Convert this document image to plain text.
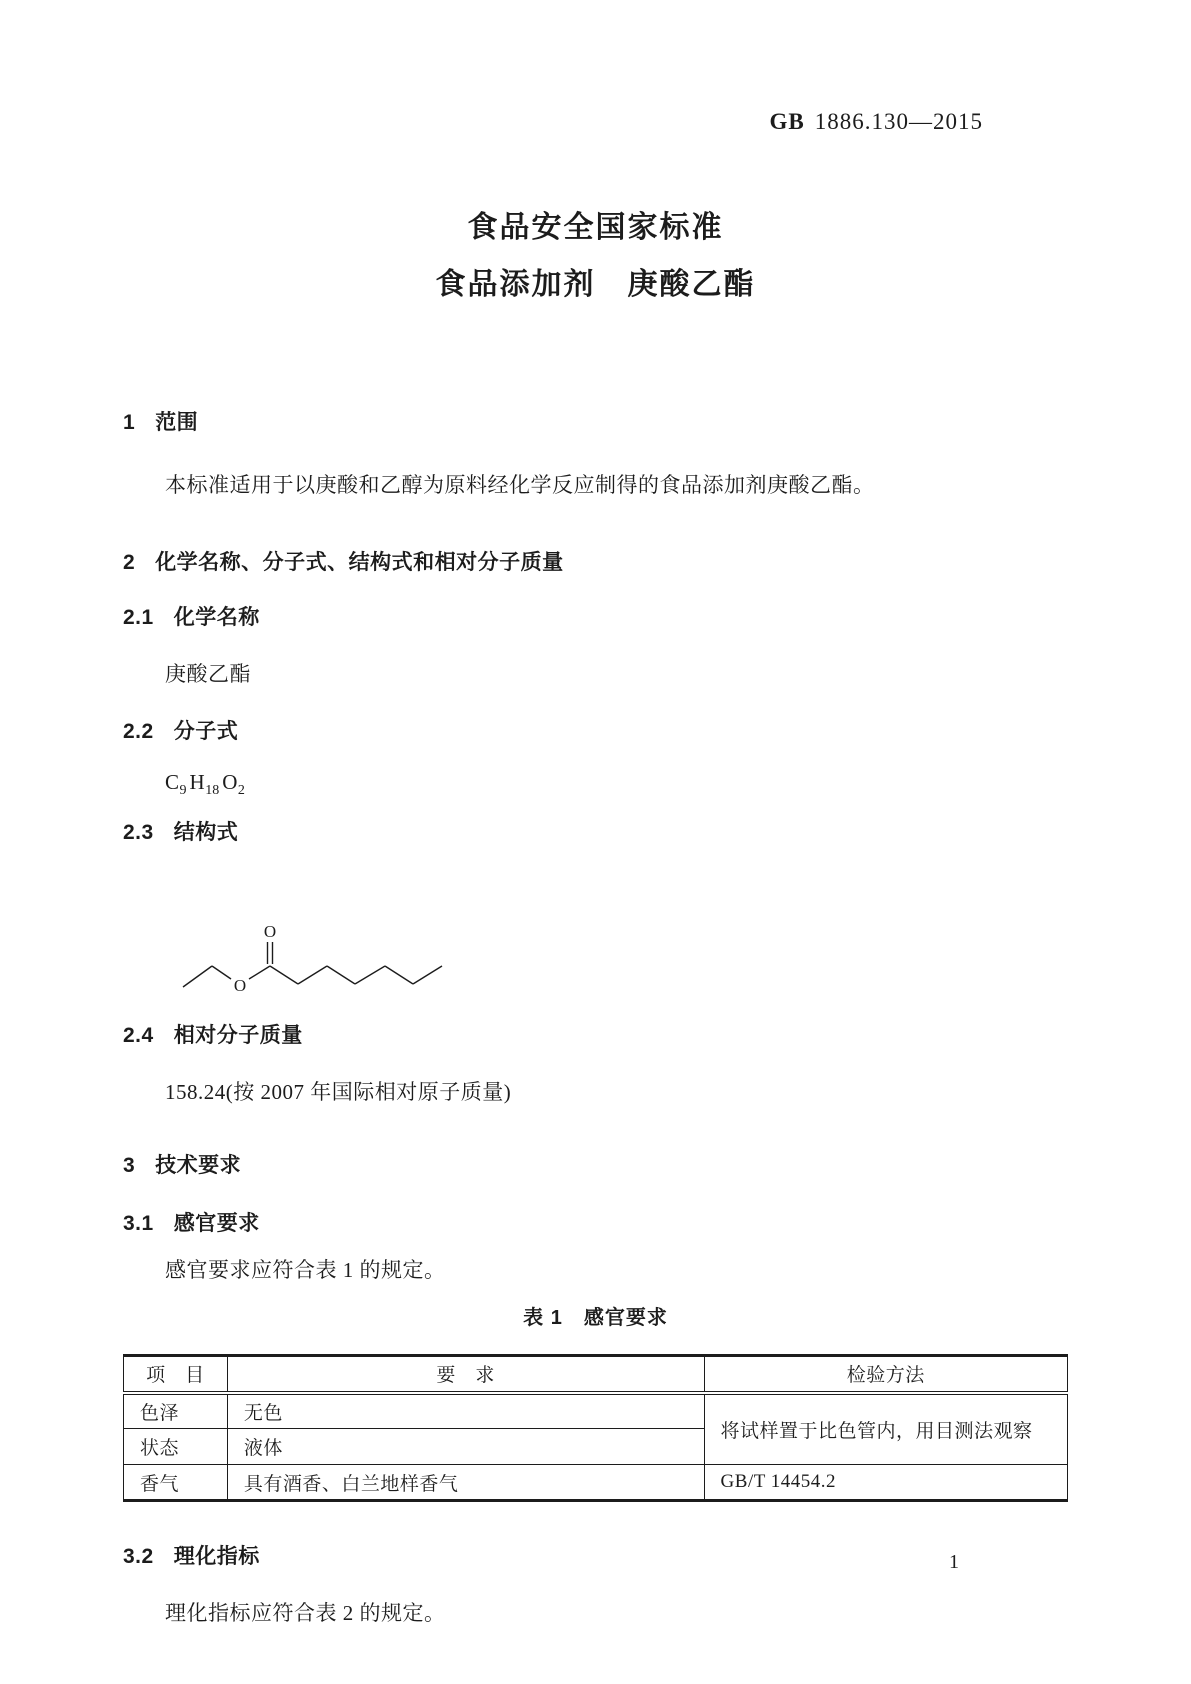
GB 1886.130—2015
食品安全国家标准
食品添加剂　庚酸乙酯
1 范围

本标准适用于以庚酸和乙醇为原料经化学反应制得的食品添加剂庚酸乙酯。

2 化学名称、分子式、结构式和相对分子质量
2.1 化学名称

庚酸乙酯

2.2 分子式

$C_9$ $H_{18}$ $O_2$

2.3 结构式
O
O
2.4 相对分子质量

158.24(按 2007 年国际相对原子质量)

3 技术要求
3.1 感官要求

感官要求应符合表 1 的规定。

表 1　感官要求
项　目	要　求	检验方法
色泽	无色	将试样置于比色管内，用目测法观察
状态	液体	
香气	具有酒香、白兰地样香气	GB/T 14454.2
3.2 理化指标

理化指标应符合表 2 的规定。

1
